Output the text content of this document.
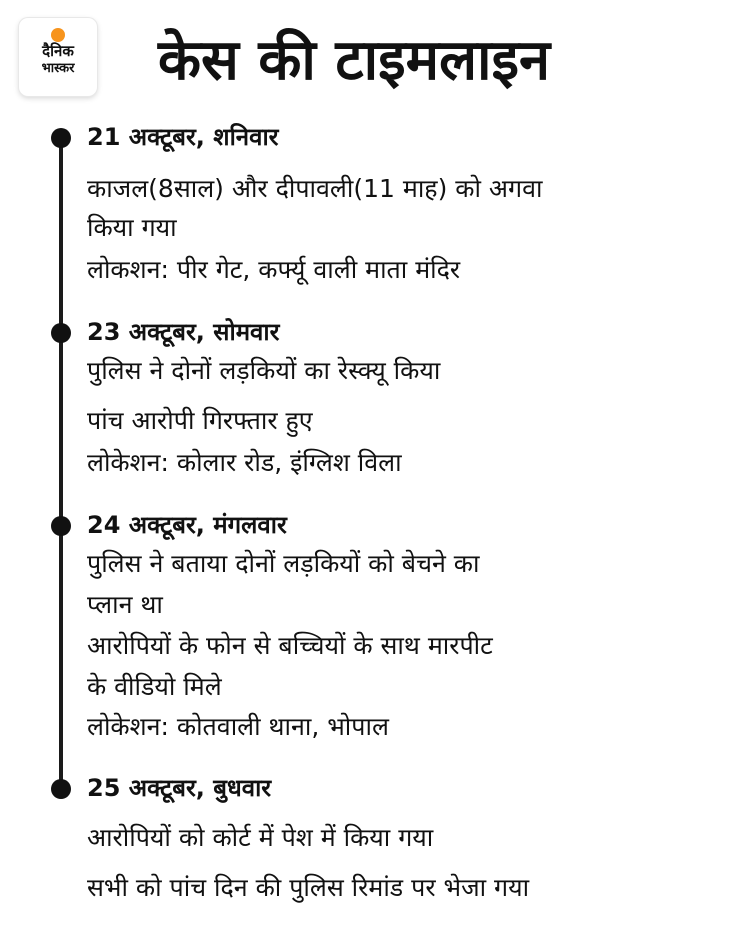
दैनिक
भास्कर	केस की टाइमलाइन

21 अक्टूबर, शनिवार

काजल(8साल) और दीपावली(11 माह) को अगवा

किया गया

लोकशन: पीर गेट, कर्फ्यू वाली माता मंदिर

23 अक्टूबर, सोमवार

पुलिस ने दोनों लड़कियों का रेस्क्यू किया

पांच आरोपी गिरफ्तार हुए

लोकेशन: कोलार रोड, इंग्लिश विला

24 अक्टूबर, मंगलवार

पुलिस ने बताया दोनों लड़कियों को बेचने का

प्लान था

आरोपियों के फोन से बच्चियों के साथ मारपीट

के वीडियो मिले

लोकेशन: कोतवाली थाना, भोपाल

25 अक्टूबर, बुधवार

आरोपियों को कोर्ट में पेश में किया गया

सभी को पांच दिन की पुलिस रिमांड पर भेजा गया
